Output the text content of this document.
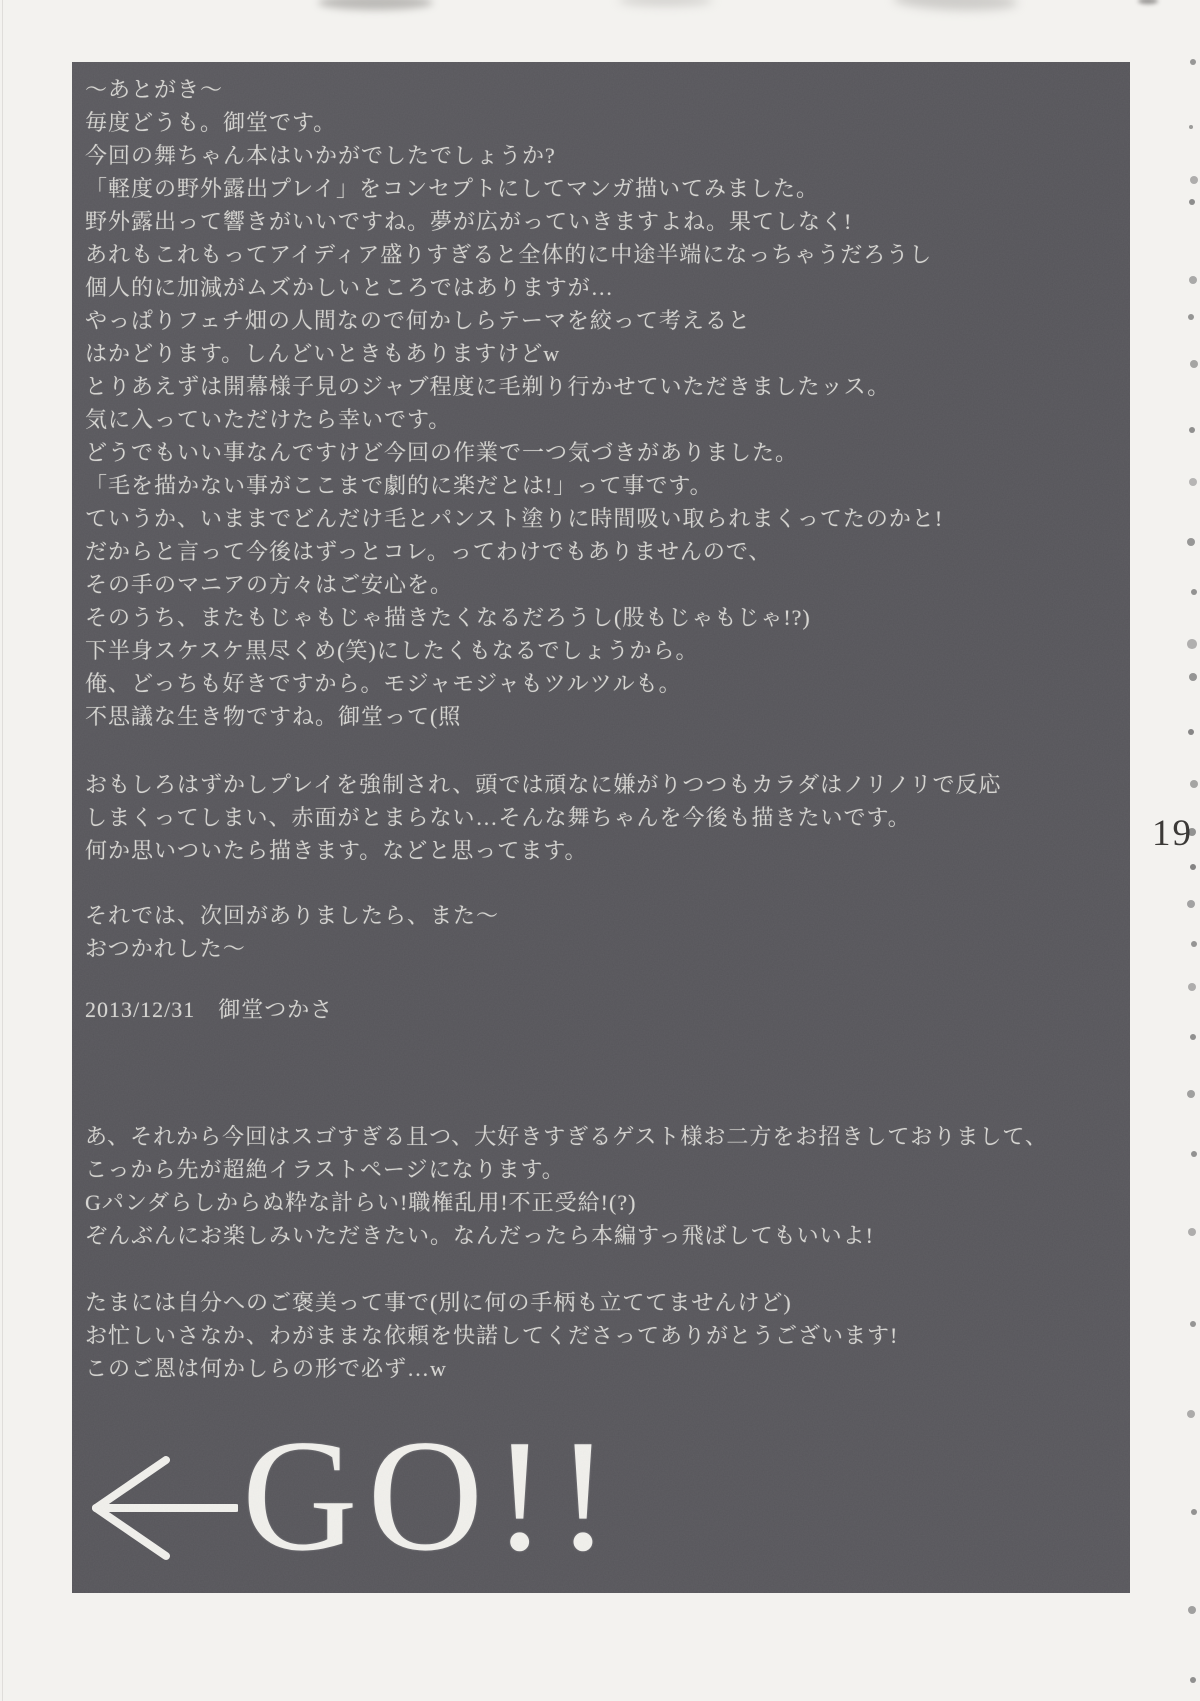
〜あとがき〜
毎度どうも。御堂です。
今回の舞ちゃん本はいかがでしたでしょうか?
「軽度の野外露出プレイ」をコンセプトにしてマンガ描いてみました。
野外露出って響きがいいですね。夢が広がっていきますよね。果てしなく!
あれもこれもってアイディア盛りすぎると全体的に中途半端になっちゃうだろうし
個人的に加減がムズかしいところではありますが…
やっぱりフェチ畑の人間なので何かしらテーマを絞って考えると
はかどります。しんどいときもありますけどw
とりあえずは開幕様子見のジャブ程度に毛剃り行かせていただきましたッス。
気に入っていただけたら幸いです。
どうでもいい事なんですけど今回の作業で一つ気づきがありました。
「毛を描かない事がここまで劇的に楽だとは!」って事です。
ていうか、いままでどんだけ毛とパンスト塗りに時間吸い取られまくってたのかと!
だからと言って今後はずっとコレ。ってわけでもありませんので、
その手のマニアの方々はご安心を。
そのうち、またもじゃもじゃ描きたくなるだろうし(股もじゃもじゃ!?)
下半身スケスケ黒尽くめ(笑)にしたくもなるでしょうから。
俺、どっちも好きですから。モジャモジャもツルツルも。
不思議な生き物ですね。御堂って(照
おもしろはずかしプレイを強制され、頭では頑なに嫌がりつつもカラダはノリノリで反応
しまくってしまい、赤面がとまらない…そんな舞ちゃんを今後も描きたいです。
何か思いついたら描きます。などと思ってます。
それでは、次回がありましたら、また〜
おつかれした〜
2013/12/31　御堂つかさ
あ、それから今回はスゴすぎる且つ、大好きすぎるゲスト様お二方をお招きしておりまして、
こっから先が超絶イラストページになります。
Gパンダらしからぬ粋な計らい!職権乱用!不正受給!(?)
ぞんぶんにお楽しみいただきたい。なんだったら本編すっ飛ばしてもいいよ!
たまには自分へのご褒美って事で(別に何の手柄も立ててませんけど)
お忙しいさなか、わがままな依頼を快諾してくださってありがとうございます!
このご恩は何かしらの形で必ず…w
GO!!
19
